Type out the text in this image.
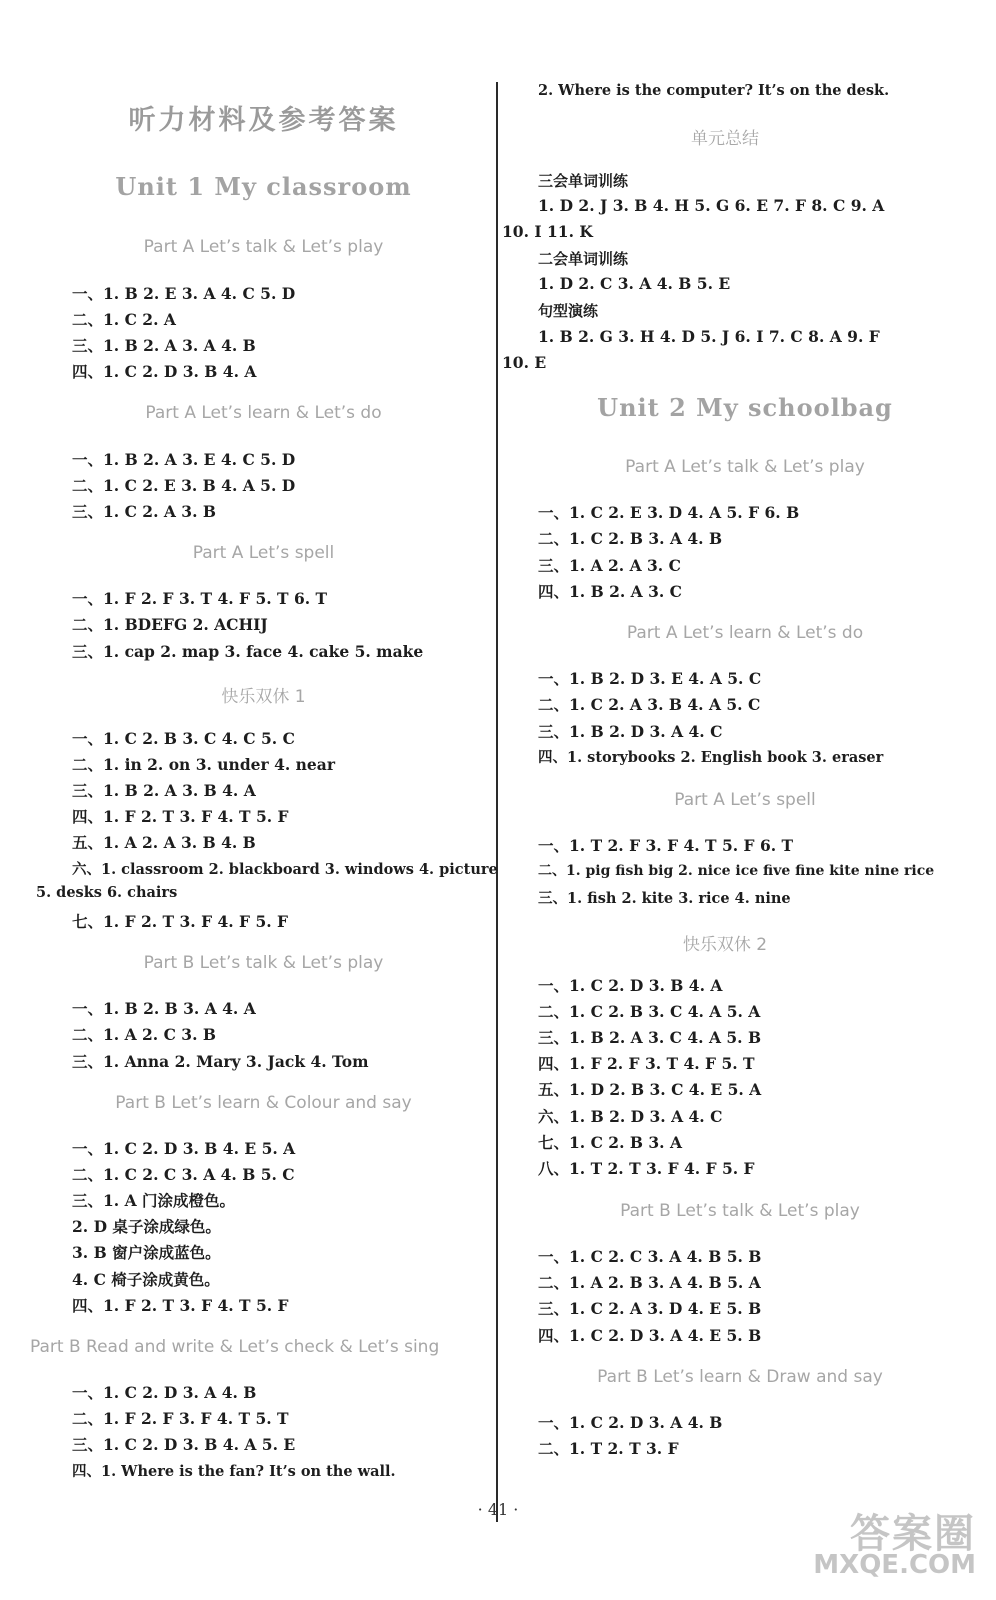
听力材料及参考答案
Unit 1 My classroom
Part A Let’s talk & Let’s play
一、1. B 2. E 3. A 4. C 5. D
二、1. C 2. A
三、1. B 2. A 3. A 4. B
四、1. C 2. D 3. B 4. A
Part A Let’s learn & Let’s do
一、1. B 2. A 3. E 4. C 5. D
二、1. C 2. E 3. B 4. A 5. D
三、1. C 2. A 3. B
Part A Let’s spell
一、1. F 2. F 3. T 4. F 5. T 6. T
二、1. BDEFG 2. ACHIJ
三、1. cap 2. map 3. face 4. cake 5. make
快乐双休 1
一、1. C 2. B 3. C 4. C 5. C
二、1. in 2. on 3. under 4. near
三、1. B 2. A 3. B 4. A
四、1. F 2. T 3. F 4. T 5. F
五、1. A 2. A 3. B 4. B
六、1. classroom 2. blackboard 3. windows 4. picture
5. desks 6. chairs
七、1. F 2. T 3. F 4. F 5. F
Part B Let’s talk & Let’s play
一、1. B 2. B 3. A 4. A
二、1. A 2. C 3. B
三、1. Anna 2. Mary 3. Jack 4. Tom
Part B Let’s learn & Colour and say
一、1. C 2. D 3. B 4. E 5. A
二、1. C 2. C 3. A 4. B 5. C
三、1. A 门涂成橙色。
2. D 桌子涂成绿色。
3. B 窗户涂成蓝色。
4. C 椅子涂成黄色。
四、1. F 2. T 3. F 4. T 5. F
Part B Read and write & Let’s check & Let’s sing
一、1. C 2. D 3. A 4. B
二、1. F 2. F 3. F 4. T 5. T
三、1. C 2. D 3. B 4. A 5. E
四、1. Where is the fan? It’s on the wall.
2. Where is the computer? It’s on the desk.
单元总结
三会单词训练
1. D 2. J 3. B 4. H 5. G 6. E 7. F 8. C 9. A
10. I 11. K
二会单词训练
1. D 2. C 3. A 4. B 5. E
句型演练
1. B 2. G 3. H 4. D 5. J 6. I 7. C 8. A 9. F
10. E
Unit 2 My schoolbag
Part A Let’s talk & Let’s play
一、1. C 2. E 3. D 4. A 5. F 6. B
二、1. C 2. B 3. A 4. B
三、1. A 2. A 3. C
四、1. B 2. A 3. C
Part A Let’s learn & Let’s do
一、1. B 2. D 3. E 4. A 5. C
二、1. C 2. A 3. B 4. A 5. C
三、1. B 2. D 3. A 4. C
四、1. storybooks 2. English book 3. eraser
Part A Let’s spell
一、1. T 2. F 3. F 4. T 5. F 6. T
二、1. pig fish big 2. nice ice five fine kite nine rice
三、1. fish 2. kite 3. rice 4. nine
快乐双休 2
一、1. C 2. D 3. B 4. A
二、1. C 2. B 3. C 4. A 5. A
三、1. B 2. A 3. C 4. A 5. B
四、1. F 2. F 3. T 4. F 5. T
五、1. D 2. B 3. C 4. E 5. A
六、1. B 2. D 3. A 4. C
七、1. C 2. B 3. A
八、1. T 2. T 3. F 4. F 5. F
Part B Let’s talk & Let’s play
一、1. C 2. C 3. A 4. B 5. B
二、1. A 2. B 3. A 4. B 5. A
三、1. C 2. A 3. D 4. E 5. B
四、1. C 2. D 3. A 4. E 5. B
Part B Let’s learn & Draw and say
一、1. C 2. D 3. A 4. B
二、1. T 2. T 3. F
· 41 ·
答案圈
MXQE.COM
